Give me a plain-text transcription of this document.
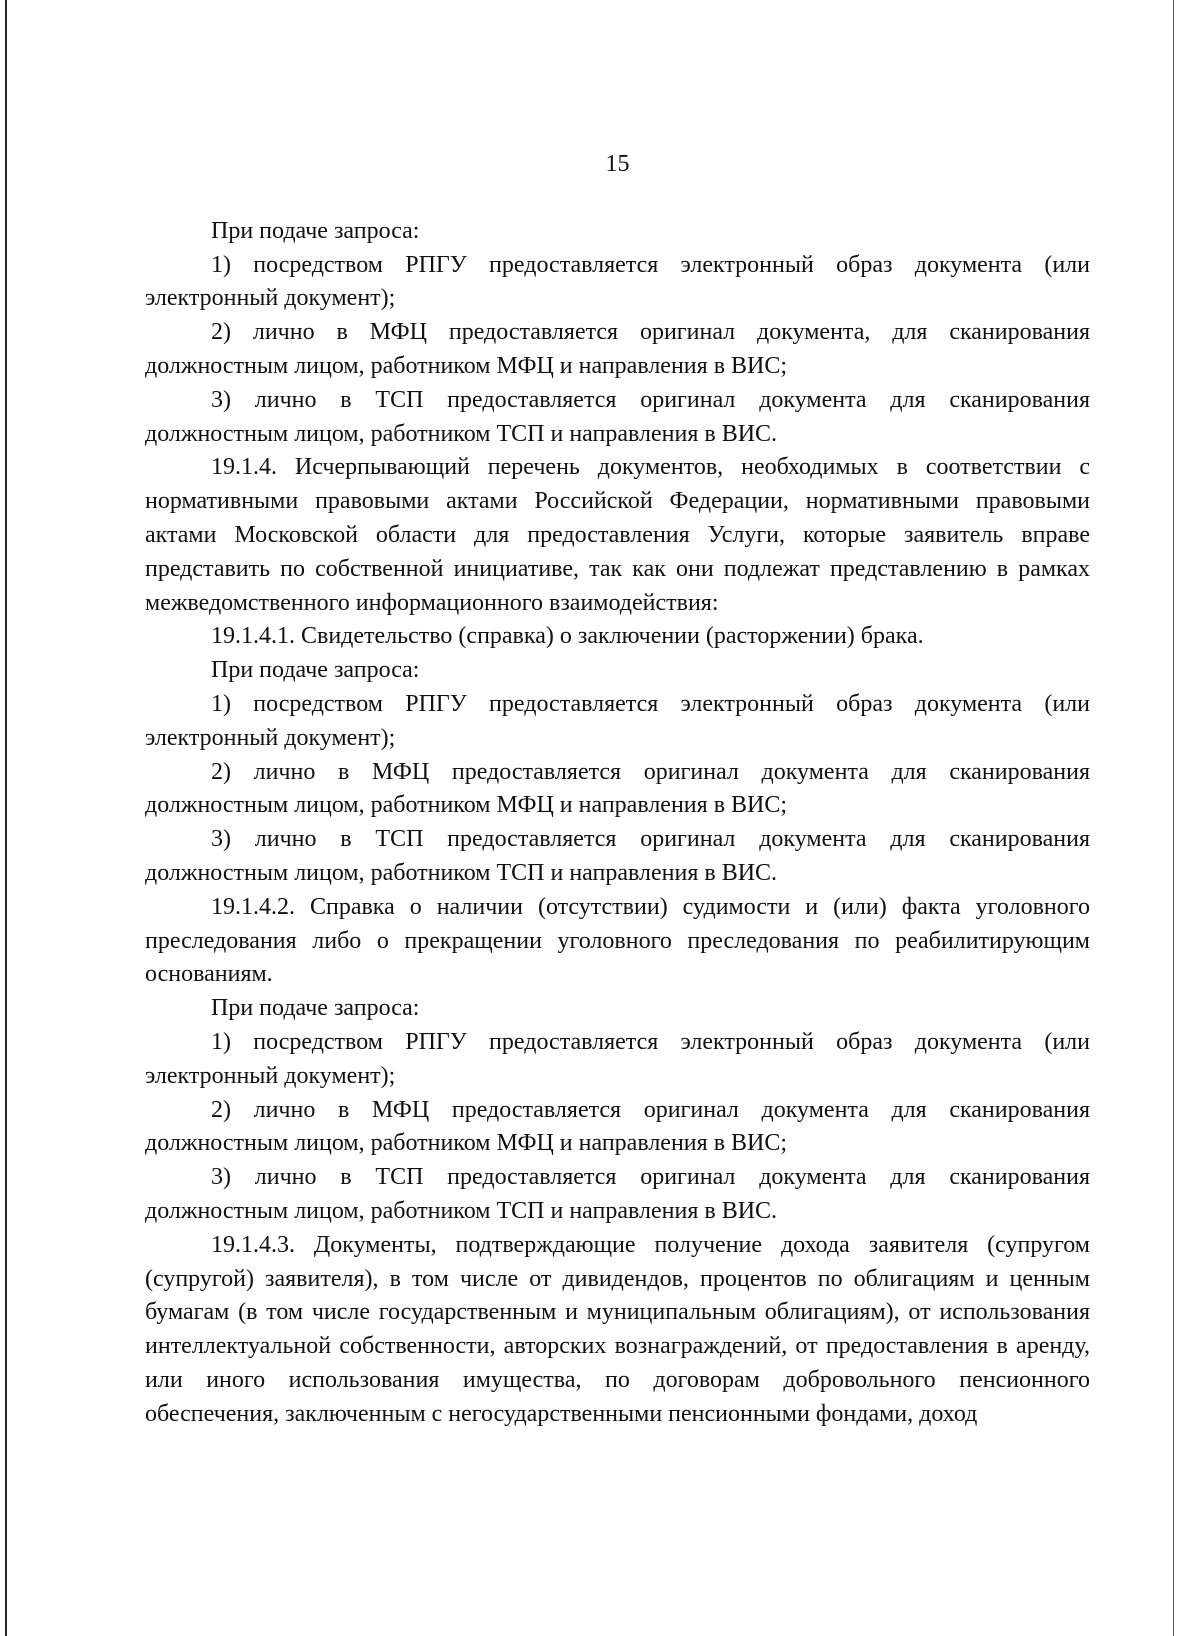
15

При подаче запроса:

1) посредством РПГУ предоставляется электронный образ документа (или электронный документ);

2) лично в МФЦ предоставляется оригинал документа, для сканирования должностным лицом, работником МФЦ и направления в ВИС;

3) лично в ТСП предоставляется оригинал документа для сканирования должностным лицом, работником ТСП и направления в ВИС.

19.1.4. Исчерпывающий перечень документов, необходимых в соответствии с нормативными правовыми актами Российской Федерации, нормативными правовыми актами Московской области для предоставления Услуги, которые заявитель вправе представить по собственной инициативе, так как они подлежат представлению в рамках межведомственного информационного взаимодействия:

19.1.4.1. Свидетельство (справка) о заключении (расторжении) брака.

При подаче запроса:

1) посредством РПГУ предоставляется электронный образ документа (или электронный документ);

2) лично в МФЦ предоставляется оригинал документа для сканирования должностным лицом, работником МФЦ и направления в ВИС;

3) лично в ТСП предоставляется оригинал документа для сканирования должностным лицом, работником ТСП и направления в ВИС.

19.1.4.2. Справка о наличии (отсутствии) судимости и (или) факта уголовного преследования либо о прекращении уголовного преследования по реабилитирующим основаниям.

При подаче запроса:

1) посредством РПГУ предоставляется электронный образ документа (или электронный документ);

2) лично в МФЦ предоставляется оригинал документа для сканирования должностным лицом, работником МФЦ и направления в ВИС;

3) лично в ТСП предоставляется оригинал документа для сканирования должностным лицом, работником ТСП и направления в ВИС.

19.1.4.3. Документы, подтверждающие получение дохода заявителя (супругом (супругой) заявителя), в том числе от дивидендов, процентов по облигациям и ценным бумагам (в том числе государственным и муниципальным облигациям), от использования интеллектуальной собственности, авторских вознаграждений, от предоставления в аренду, или иного использования имущества, по договорам добровольного пенсионного обеспечения, заключенным с негосударственными пенсионными фондами, доход
